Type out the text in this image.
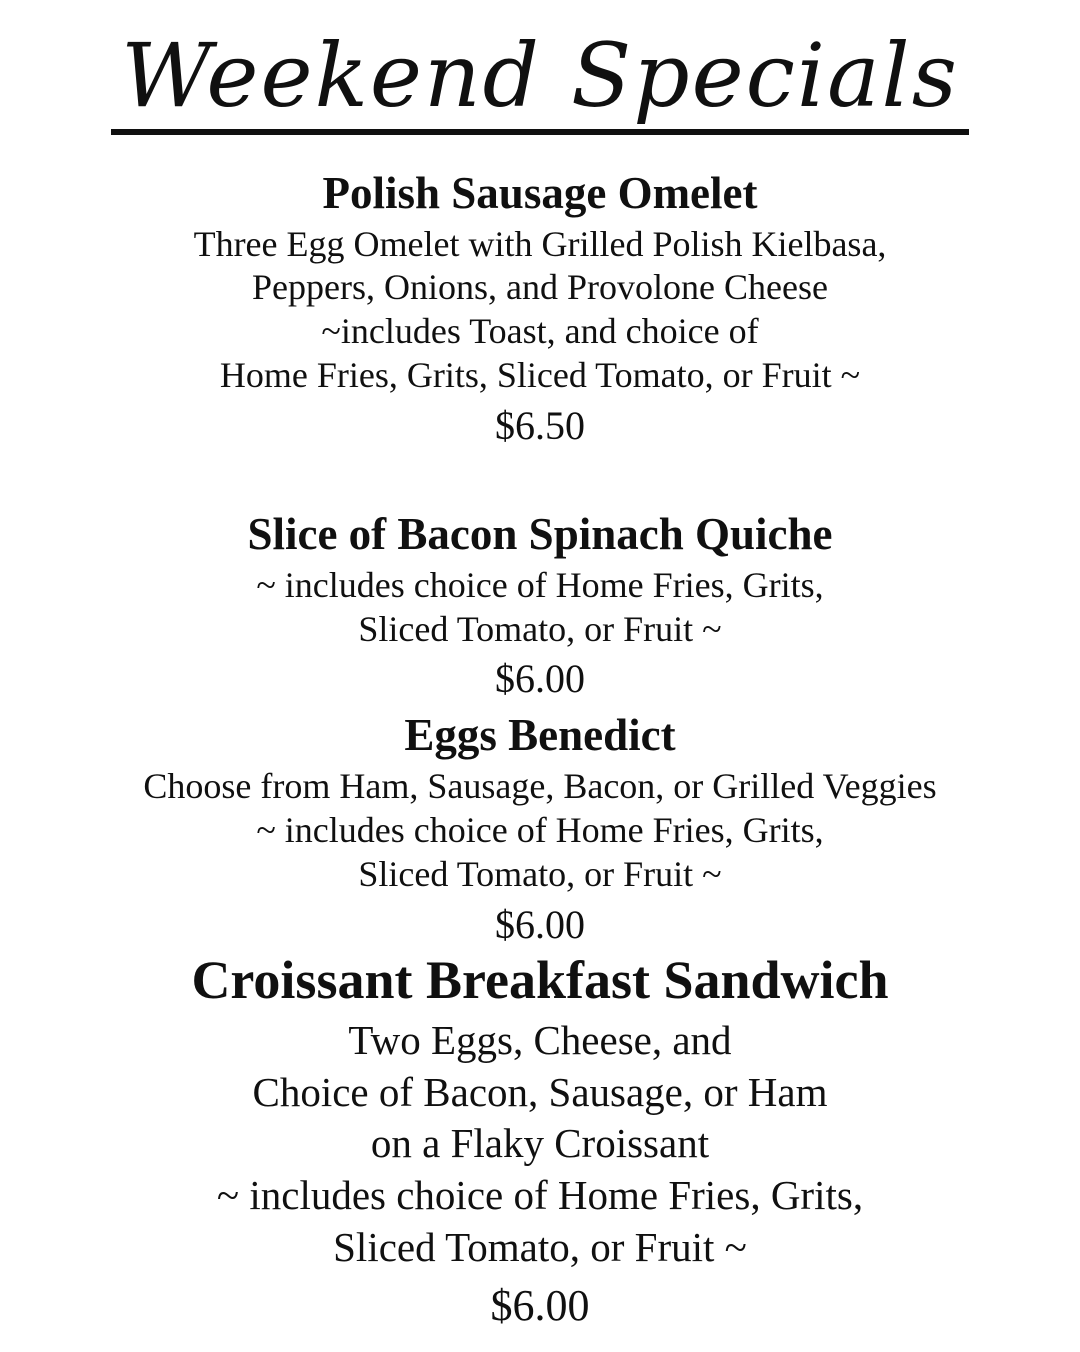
Weekend Specials
Polish Sausage Omelet
Three Egg Omelet with Grilled Polish Kielbasa,
Peppers, Onions, and Provolone Cheese
~includes Toast, and choice of
Home Fries, Grits, Sliced Tomato, or Fruit ~
$6.50
Slice of Bacon Spinach Quiche
~ includes choice of Home Fries, Grits,
Sliced Tomato, or Fruit ~
$6.00
Eggs Benedict
Choose from Ham, Sausage, Bacon, or Grilled Veggies
~ includes choice of Home Fries, Grits,
Sliced Tomato, or Fruit ~
$6.00
Croissant Breakfast Sandwich
Two Eggs, Cheese, and
Choice of Bacon, Sausage, or Ham
on a Flaky Croissant
~ includes choice of Home Fries, Grits,
Sliced Tomato, or Fruit ~
$6.00
